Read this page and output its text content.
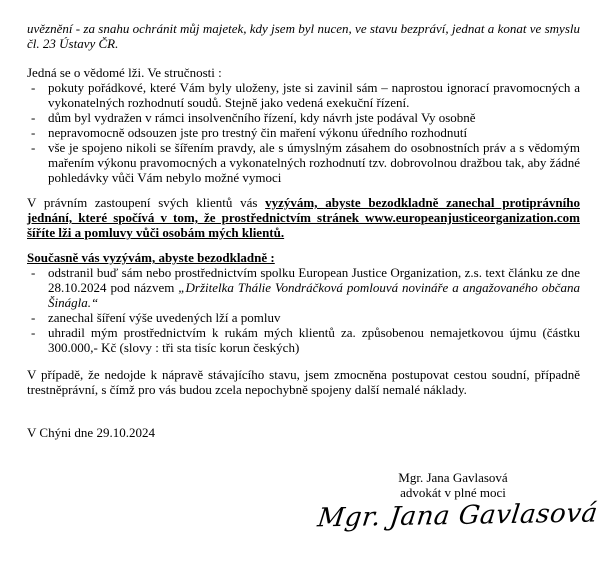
uvěznění - za snahu ochránit můj majetek, kdy jsem byl nucen, ve stavu bezpráví, jednat a konat ve smyslu čl. 23 Ústavy ČR.

Jedná se o vědomé lži. Ve stručnosti :

- pokuty pořádkové, které Vám byly uloženy, jste si zavinil sám – naprostou ignorací pravomocných a vykonatelných rozhodnutí soudů. Stejně jako vedená exekuční řízení.
- dům byl vydražen v rámci insolvenčního řízení, kdy návrh jste podával Vy osobně
- nepravomocně odsouzen jste pro trestný čin maření výkonu úředního rozhodnutí
- vše je spojeno nikoli se šířením pravdy, ale s úmyslným zásahem do osobnostních práv a s vědomým mařením výkonu pravomocných a vykonatelných rozhodnutí tzv. dobrovolnou dražbou tak, aby žádné pohledávky vůči Vám nebylo možné vymoci

V právním zastoupení svých klientů vás vyzývám, abyste bezodkladně zanechal protiprávního jednání, které spočívá v tom, že prostřednictvím stránek www.europeanjusticeorganization.com šíříte lži a pomluvy vůči osobám mých klientů.

Současně vás vyzývám, abyste bezodkladně :

- odstranil buď sám nebo prostřednictvím spolku European Justice Organization, z.s. text článku ze dne 28.10.2024 pod názvem „Držitelka Thálie Vondráčková pomlouvá novináře a angažovaného občana Šinágla.“
- zanechal šíření výše uvedených lží a pomluv
- uhradil mým prostřednictvím k rukám mých klientů za. způsobenou nemajetkovou újmu (částku 300.000,- Kč (slovy : tři sta tisíc korun českých)

V případě, že nedojde k nápravě stávajícího stavu, jsem zmocněna postupovat cestou soudní, případně trestněprávní, s čímž pro vás budou zcela nepochybně spojeny další nemalé náklady.

V Chýni dne 29.10.2024

Mgr. Jana Gavlasová
advokát v plné moci
Mgr. Jana Gavlasová
